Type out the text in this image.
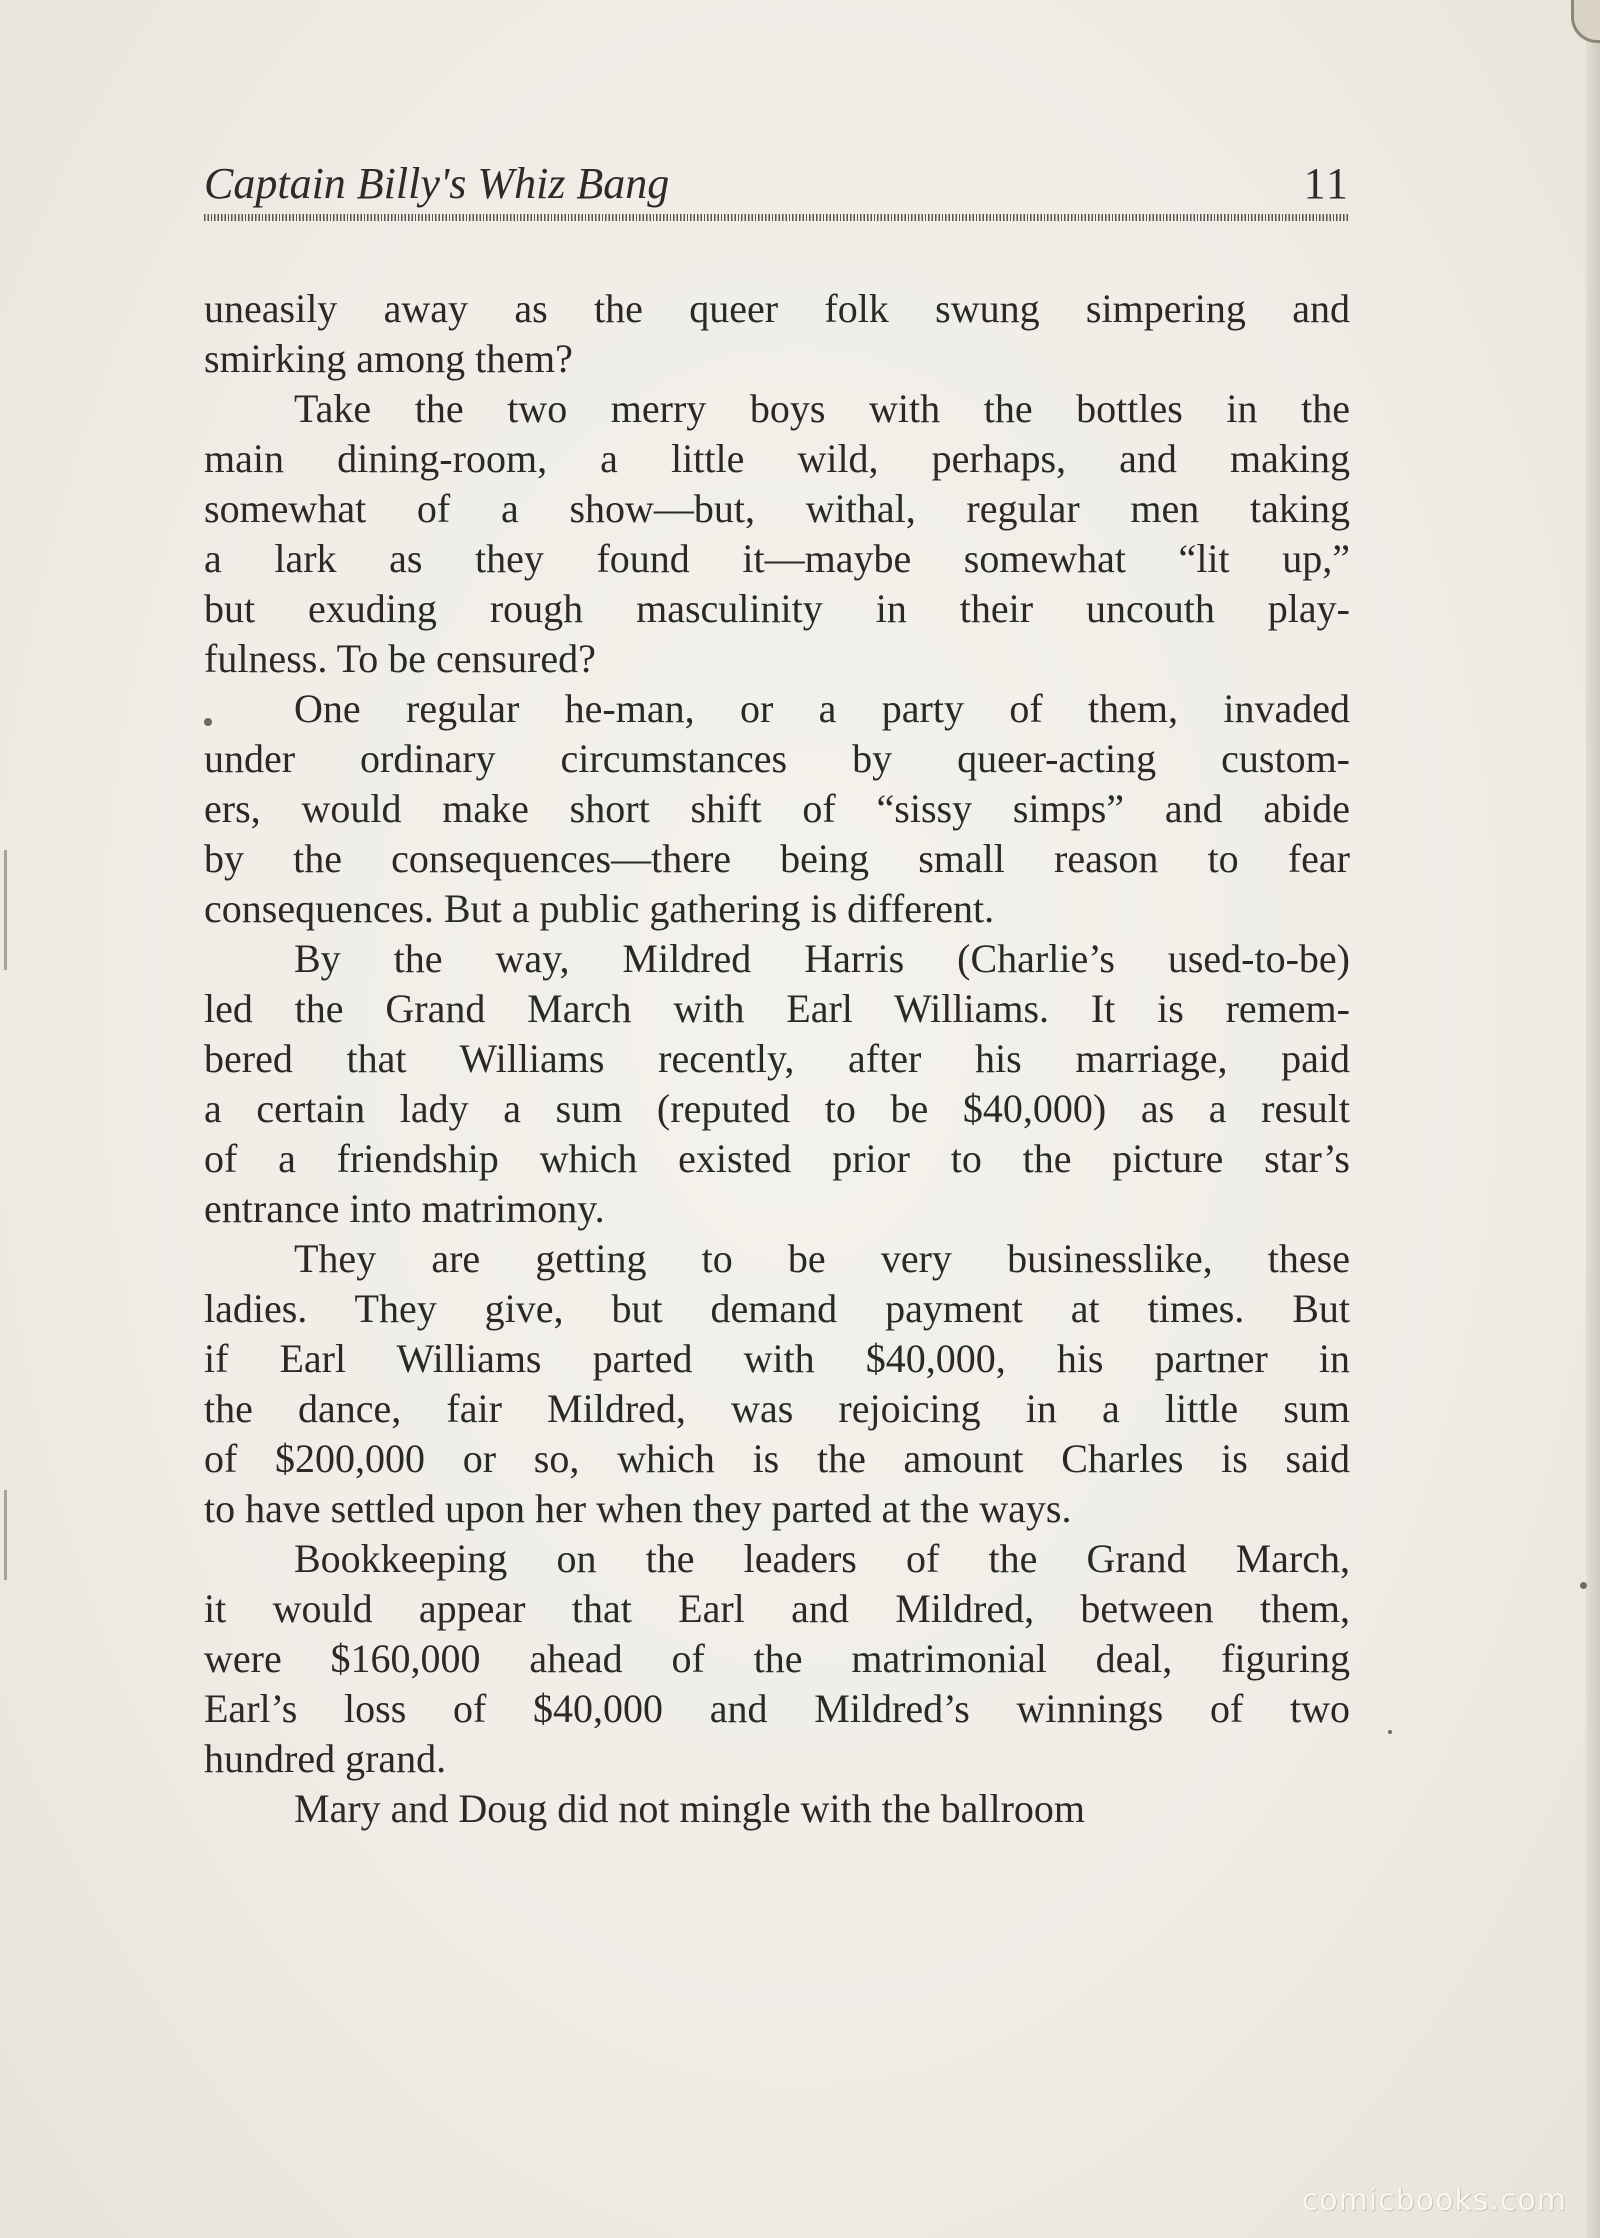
Captain Billy's Whiz Bang	11
uneasily away as the queer folk swung simpering and
smirking among them?
Take the two merry boys with the bottles in the
main dining-room, a little wild, perhaps, and making
somewhat of a show—but, withal, regular men taking
a lark as they found it—maybe somewhat “lit up,”
but exuding rough masculinity in their uncouth play-
fulness. To be censured?
One regular he-man, or a party of them, invaded
under ordinary circumstances by queer-acting custom-
ers, would make short shift of “sissy simps” and abide
by the consequences—there being small reason to fear
consequences. But a public gathering is different.
By the way, Mildred Harris (Charlie’s used-to-be)
led the Grand March with Earl Williams. It is remem-
bered that Williams recently, after his marriage, paid
a certain lady a sum (reputed to be $40,000) as a result
of a friendship which existed prior to the picture star’s
entrance into matrimony.
They are getting to be very businesslike, these
ladies. They give, but demand payment at times. But
if Earl Williams parted with $40,000, his partner in
the dance, fair Mildred, was rejoicing in a little sum
of $200,000 or so, which is the amount Charles is said
to have settled upon her when they parted at the ways.
Bookkeeping on the leaders of the Grand March,
it would appear that Earl and Mildred, between them,
were $160,000 ahead of the matrimonial deal, figuring
Earl’s loss of $40,000 and Mildred’s winnings of two
hundred grand.
Mary and Doug did not mingle with the ballroom
comicbooks.com
